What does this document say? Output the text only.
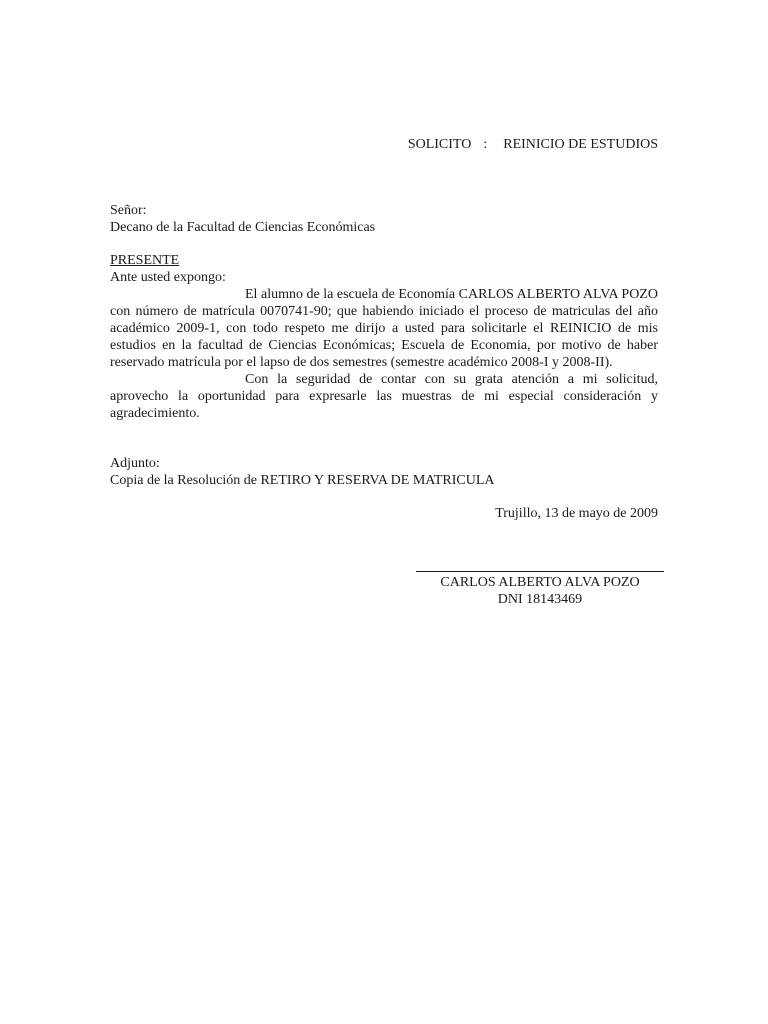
SOLICITO : REINICIO DE ESTUDIOS
Señor:
Decano de la Facultad de Ciencias Económicas
PRESENTE
Ante usted expongo:

El alumno de la escuela de Economía CARLOS ALBERTO ALVA POZO con número de matrícula 0070741-90; que habiendo iniciado el proceso de matriculas del año académico 2009-1, con todo respeto me dirijo a usted para solicitarle el REINICIO de mis estudios en la facultad de Ciencias Económicas; Escuela de Economia, por motivo de haber reservado matrícula por el lapso de dos semestres (semestre académico 2008-I y 2008-II).

Con la seguridad de contar con su grata atención a mi solicitud, aprovecho la oportunidad para expresarle las muestras de mi especial consideración y agradecimiento.

Adjunto:
Copia de la Resolución de RETIRO Y RESERVA DE MATRICULA
Trujillo, 13 de mayo de 2009
CARLOS ALBERTO ALVA POZO
DNI 18143469
